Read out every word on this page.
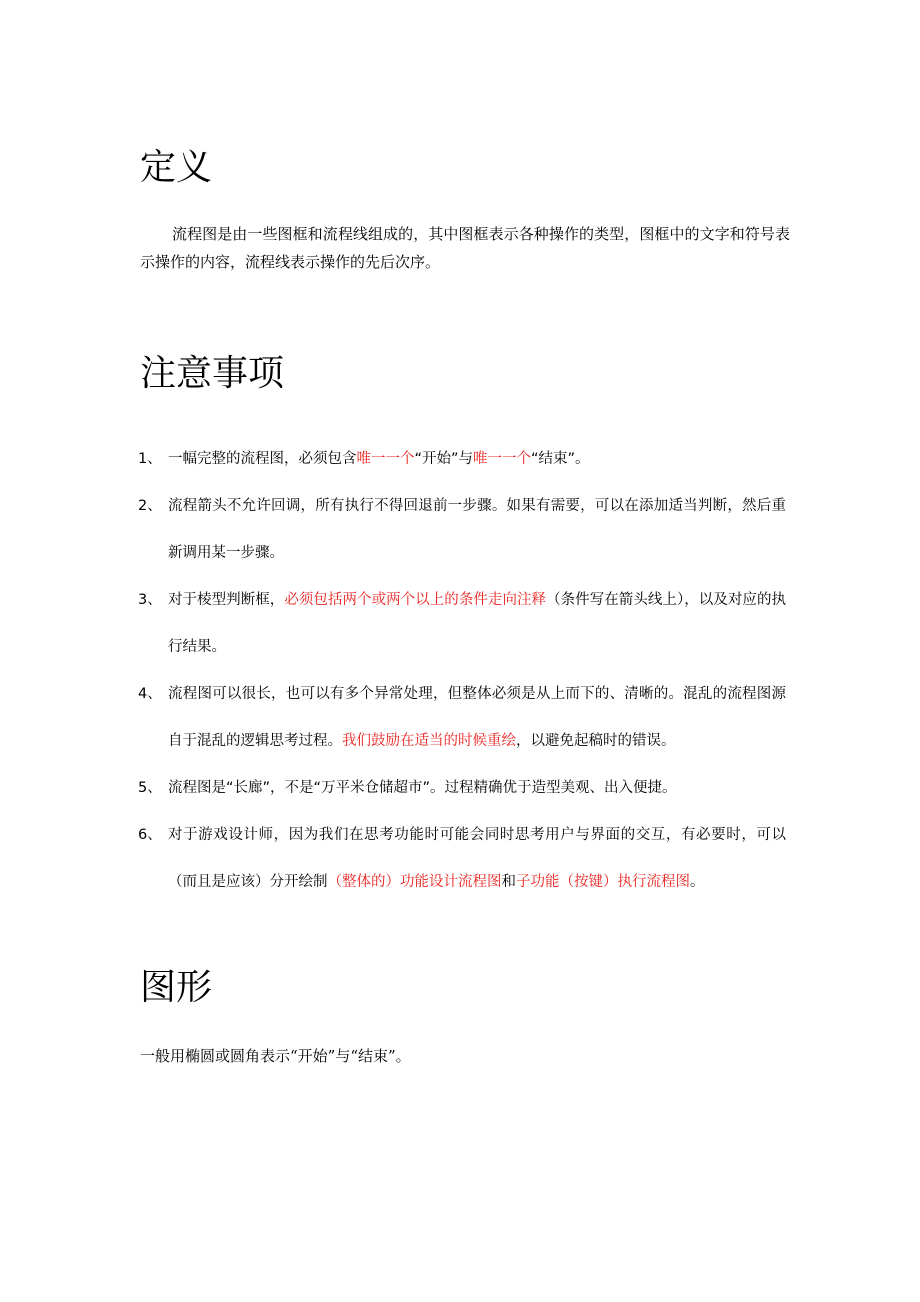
定义

流程图是由一些图框和流程线组成的，其中图框表示各种操作的类型，图框中的文字和符号表示操作的内容，流程线表示操作的先后次序。

注意事项
1、 一幅完整的流程图，必须包含唯一一个“开始”与唯一一个“结束”。
2、 流程箭头不允许回调，所有执行不得回退前一步骤。如果有需要，可以在添加适当判断，然后重新调用某一步骤。
3、 对于棱型判断框，必须包括两个或两个以上的条件走向注释（条件写在箭头线上），以及对应的执行结果。
4、 流程图可以很长，也可以有多个异常处理，但整体必须是从上而下的、清晰的。混乱的流程图源自于混乱的逻辑思考过程。我们鼓励在适当的时候重绘，以避免起稿时的错误。
5、 流程图是“长廊”，不是“万平米仓储超市”。过程精确优于造型美观、出入便捷。
6、 对于游戏设计师，因为我们在思考功能时可能会同时思考用户与界面的交互，有必要时，可以（而且是应该）分开绘制（整体的）功能设计流程图和子功能（按键）执行流程图。
图形

一般用椭圆或圆角表示“开始”与“结束”。
